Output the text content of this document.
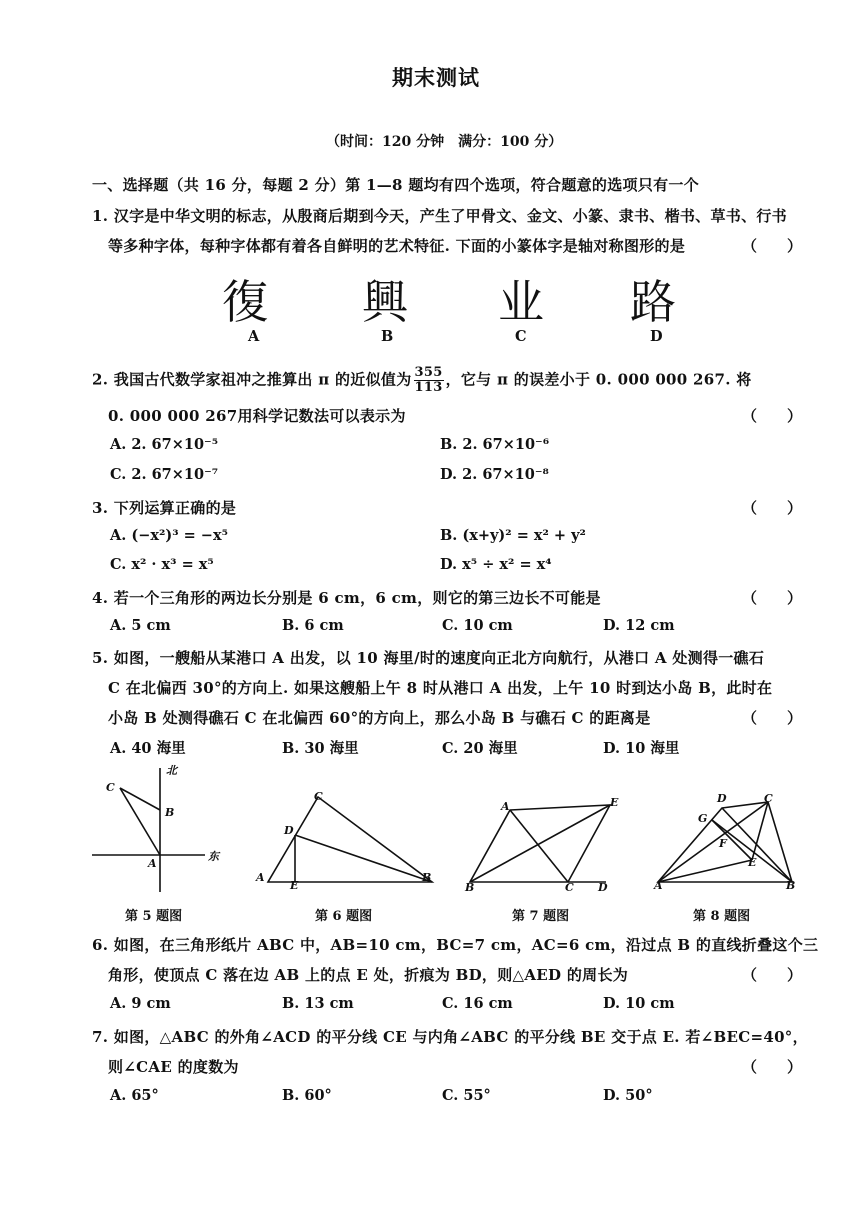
期末测试
（时间：120 分钟　满分：100 分）
一、选择题（共 16 分，每题 2 分）第 1—8 题均有四个选项，符合题意的选项只有一个
1. 汉字是中华文明的标志，从殷商后期到今天，产生了甲骨文、金文、小篆、隶书、楷书、草书、行书
等多种字体，每种字体都有着各自鲜明的艺术特征. 下面的小篆体字是轴对称图形的是	（　　）
復 興 业 路
A	B	C	D
2. 我国古代数学家祖冲之推算出 π 的近似值为 $\frac{355}{113}$ ，它与 π 的误差小于 0. 000 000 267. 将
0. 000 000 267用科学记数法可以表示为	（　　）
A. 2. 67×10⁻⁵	B. 2. 67×10⁻⁶
C. 2. 67×10⁻⁷	D. 2. 67×10⁻⁸
3. 下列运算正确的是	（　　）
A. (−x²)³ = −x⁵	B. (x+y)² = x² + y²
C. x² · x³ = x⁵	D. x⁵ ÷ x² = x⁴
4. 若一个三角形的两边长分别是 6 cm，6 cm，则它的第三边长不可能是	（　　）
A. 5 cm	B. 6 cm	C. 10 cm	D. 12 cm
5. 如图，一艘船从某港口 A 出发，以 10 海里/时的速度向正北方向航行，从港口 A 处测得一礁石
C 在北偏西 30°的方向上. 如果这艘船上午 8 时从港口 A 出发，上午 10 时到达小岛 B，此时在
小岛 B 处测得礁石 C 在北偏西 60°的方向上，那么小岛 B 与礁石 C 的距离是	（　　）
A. 40 海里	B. 30 海里	C. 20 海里	D. 10 海里
北
东
C
B
A
C
D
A
E
B
A	E
B	C D
D	C
G
F
E
A	B
第 5 题图	第 6 题图	第 7 题图	第 8 题图
6. 如图，在三角形纸片 ABC 中，AB=10 cm，BC=7 cm，AC=6 cm，沿过点 B 的直线折叠这个三
角形，使顶点 C 落在边 AB 上的点 E 处，折痕为 BD，则△AED 的周长为	（　　）
A. 9 cm	B. 13 cm	C. 16 cm	D. 10 cm
7. 如图，△ABC 的外角∠ACD 的平分线 CE 与内角∠ABC 的平分线 BE 交于点 E. 若∠BEC=40°，
则∠CAE 的度数为	（　　）
A. 65°	B. 60°	C. 55°	D. 50°
